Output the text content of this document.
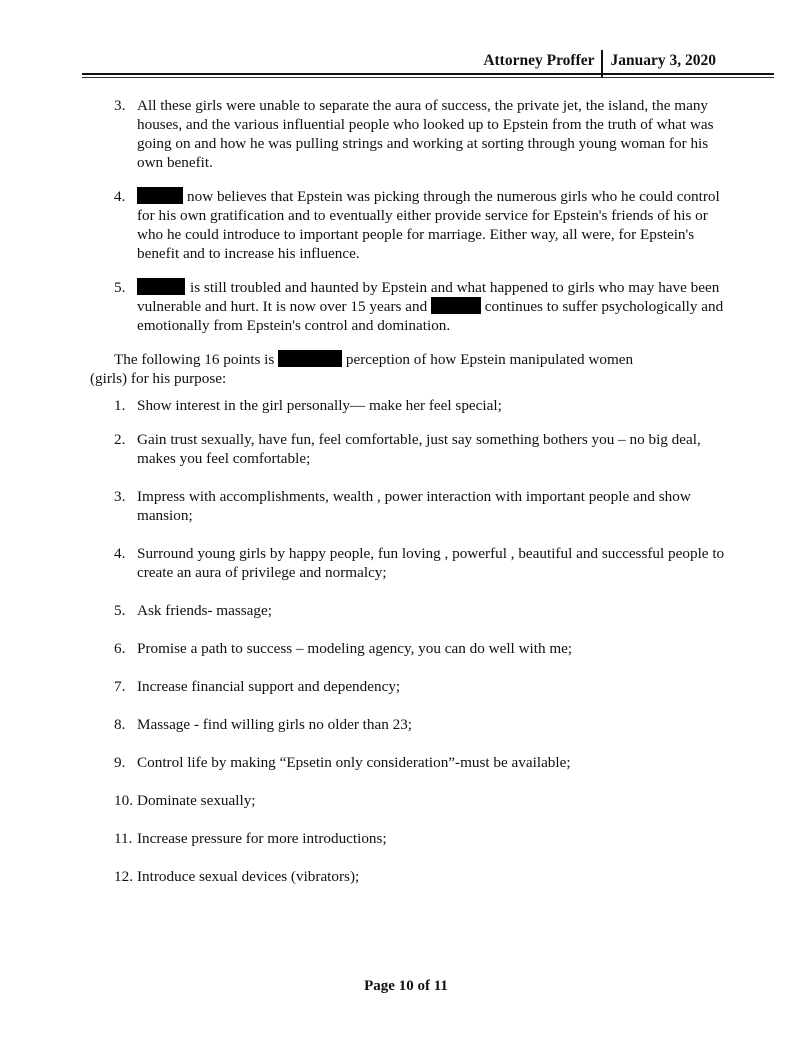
Attorney Proffer January 3, 2020
3. All these girls were unable to separate the aura of success, the private jet, the island, the many houses, and the various influential people who looked up to Epstein from the truth of what was going on and how he was pulling strings and working at sorting through young woman for his own benefit.
4.	now believes that Epstein was picking through the numerous girls who he could control for his own gratification and to eventually either provide service for Epstein's friends of his or who he could introduce to important people for marriage. Either way, all were, for Epstein's benefit and to increase his influence.
5.	is still troubled and haunted by Epstein and what happened to girls who may have been vulnerable and hurt. It is now over 15 years and	continues to suffer psychologically and emotionally from Epstein's control and domination.
The following 16 points is	perception of how Epstein manipulated women
(girls) for his purpose:
1. Show interest in the girl personally— make her feel special;
2. Gain trust sexually, have fun, feel comfortable, just say something bothers you – no big deal, makes you feel comfortable;
3. Impress with accomplishments, wealth , power interaction with important people and show mansion;
4. Surround young girls by happy people, fun loving , powerful , beautiful and successful people to create an aura of privilege and normalcy;
5. Ask friends- massage;
6. Promise a path to success – modeling agency, you can do well with me;
7. Increase financial support and dependency;
8. Massage - find willing girls no older than 23;
9. Control life by making “Epsetin only consideration”-must be available;
10. Dominate sexually;
11. Increase pressure for more introductions;
12. Introduce sexual devices (vibrators);
Page 10 of 11
